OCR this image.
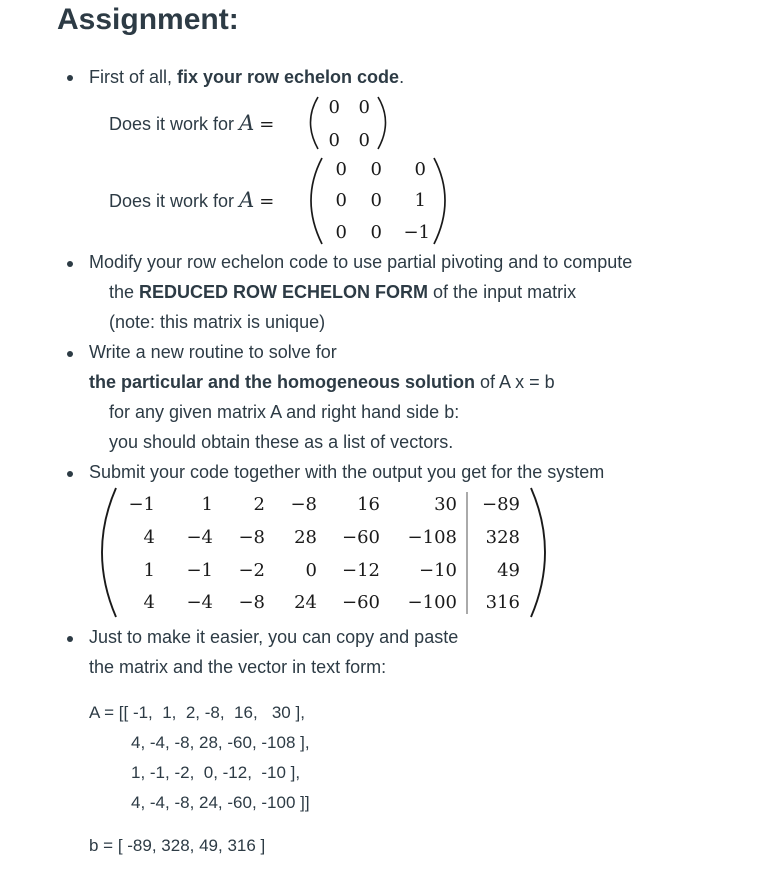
Assignment:
First of all, fix your row echelon code.
Does it work for A =
0 0
0 0
Does it work for A =
0	0	0
0	0	1
0	0	−1
Modify your row echelon code to use partial pivoting and to compute
the REDUCED ROW ECHELON FORM of the input matrix
(note: this matrix is unique)
Write a new routine to solve for
the particular and the homogeneous solution of A x = b
for any given matrix A and right hand side b:
you should obtain these as a list of vectors.
Submit your code together with the output you get for the system
−1	1	2	−8	16	30	−89
4	−4	−8	28	−60	−108	328
1	−1	−2	0	−12	−10	49
4	−4	−8	24	−60	−100	316
Just to make it easier, you can copy and paste
the matrix and the vector in text form:
A = [[ -1,  1,  2, -8,  16,   30 ],
4, -4, -8, 28, -60, -108 ],
1, -1, -2,  0, -12,  -10 ],
4, -4, -8, 24, -60, -100 ]]
b = [ -89, 328, 49, 316 ]
